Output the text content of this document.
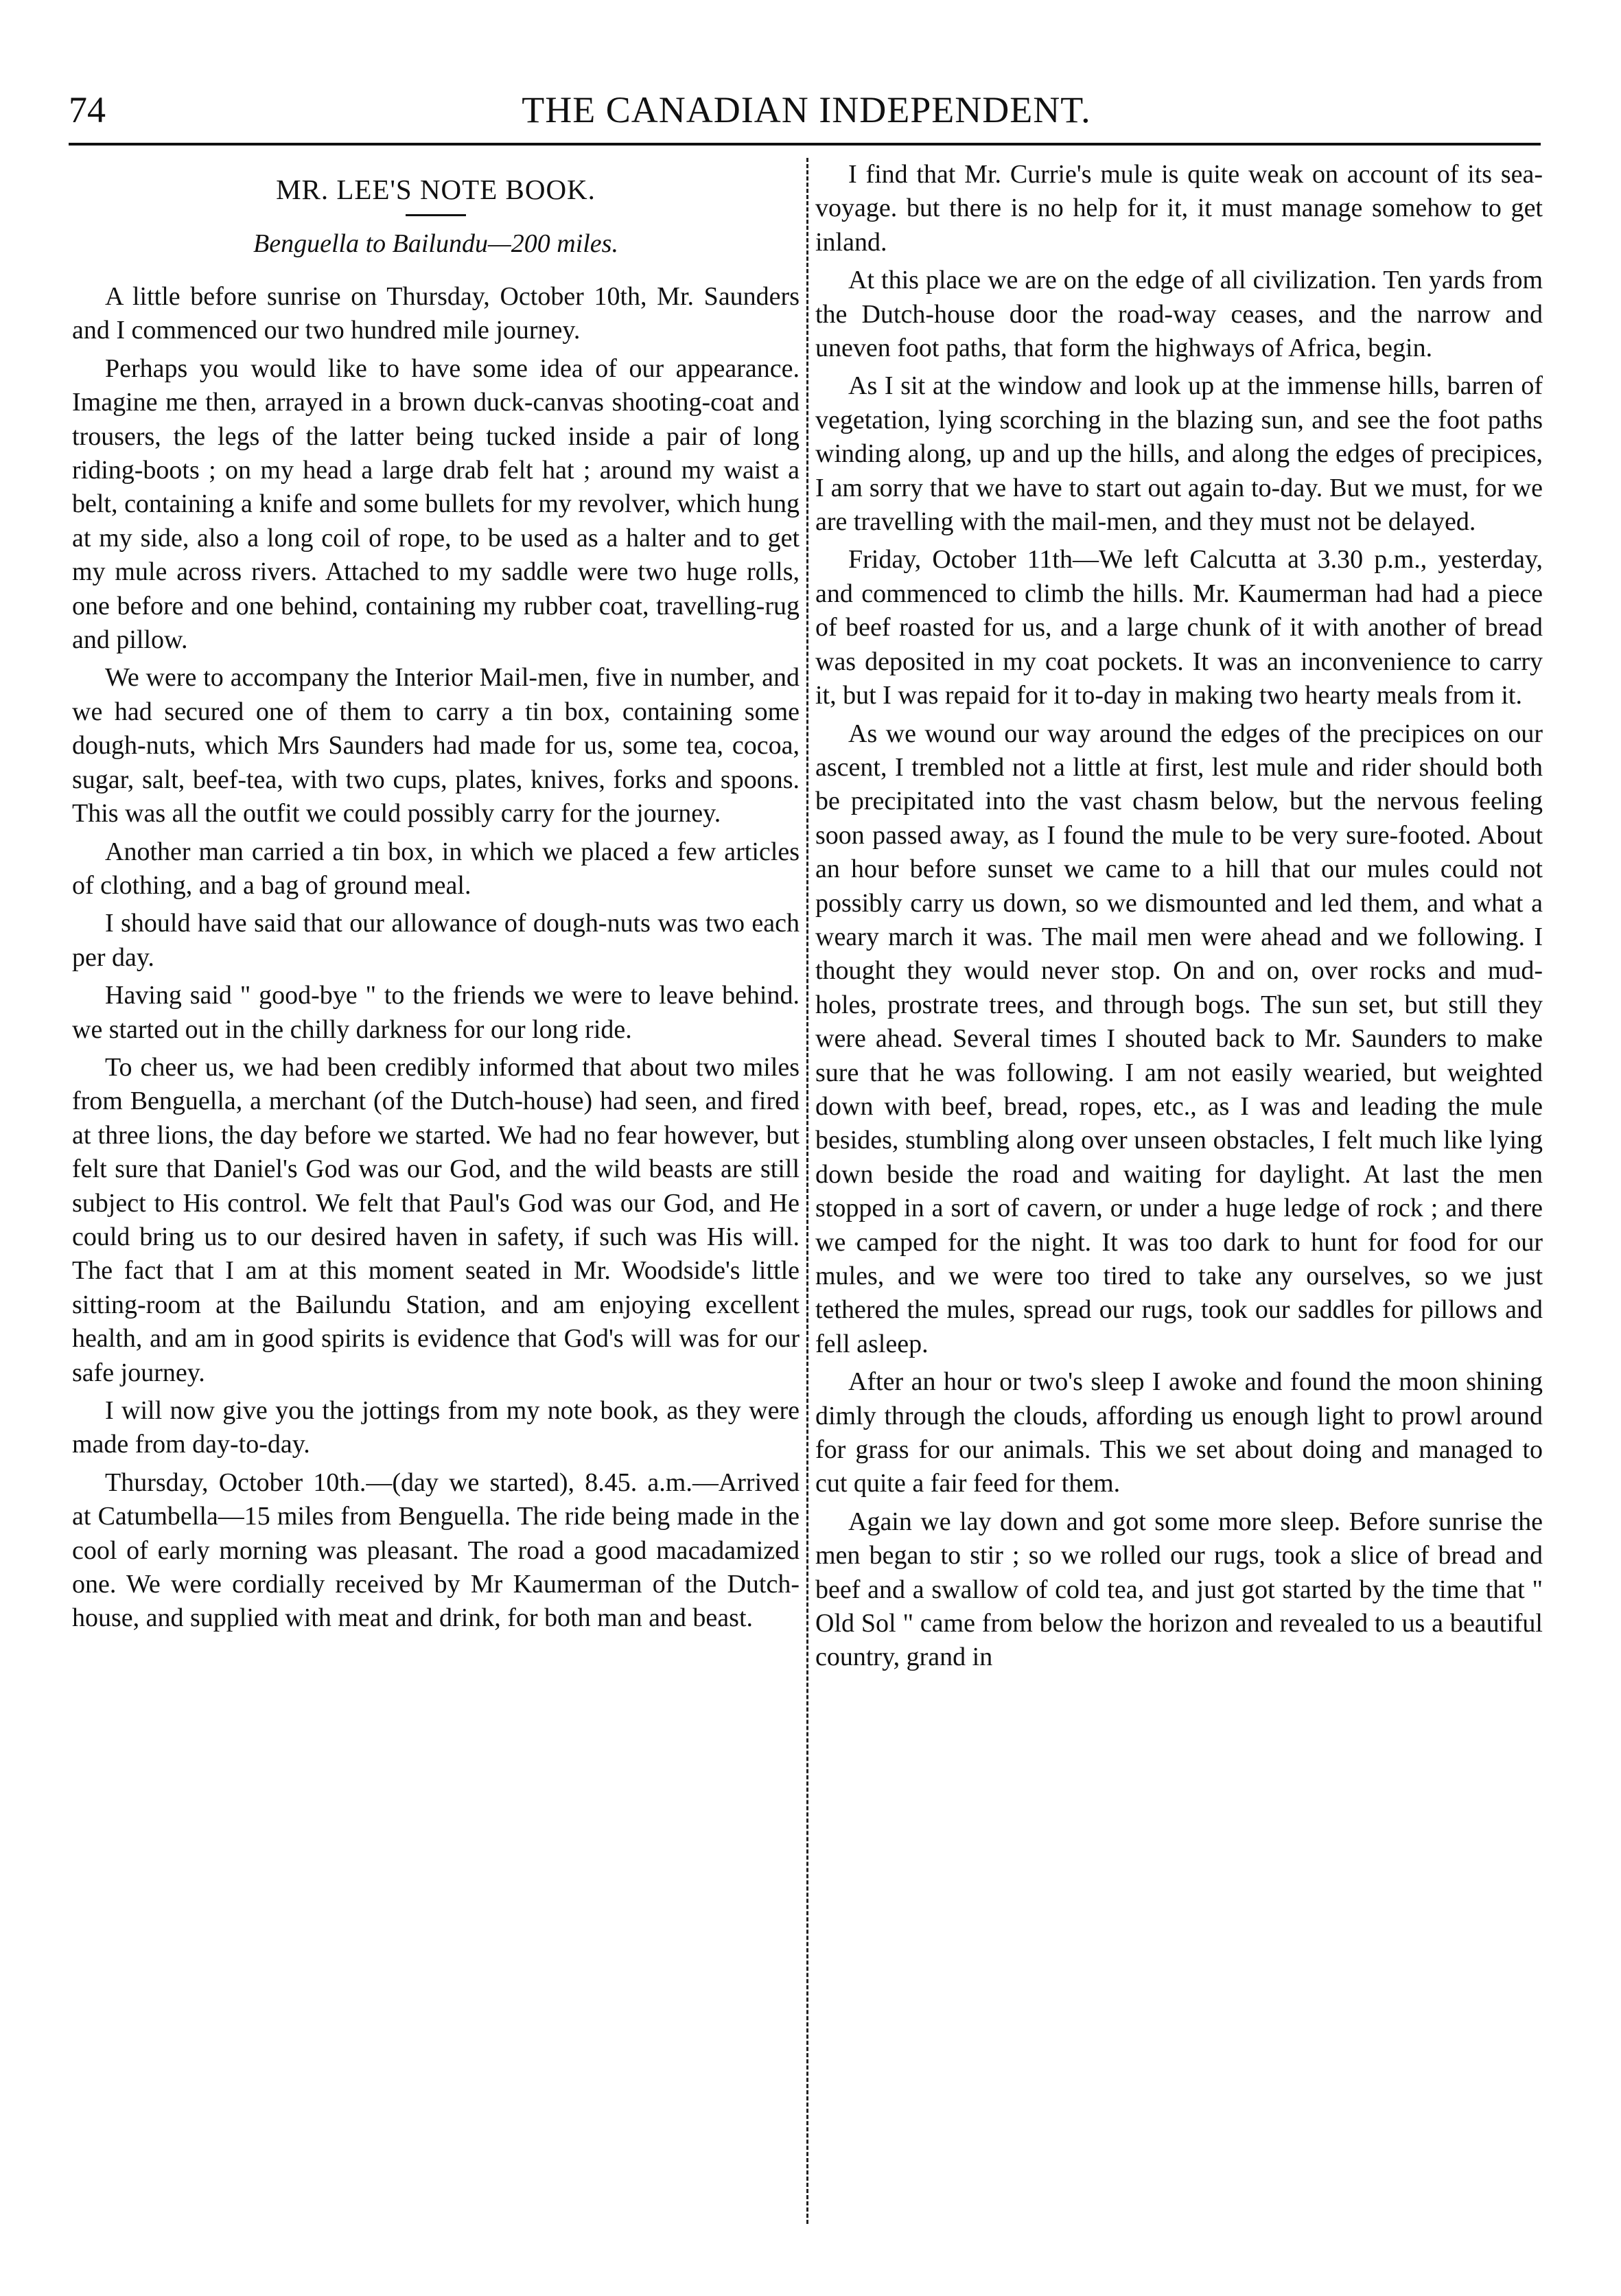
74	THE CANADIAN INDEPENDENT.
MR. LEE'S NOTE BOOK.
Benguella to Bailundu—200 miles.

A little before sunrise on Thursday, October 10th, Mr. Saunders and I commenced our two hundred mile journey.

Perhaps you would like to have some idea of our appearance. Imagine me then, arrayed in a brown duck-canvas shooting-coat and trousers, the legs of the latter being tucked inside a pair of long riding-boots ; on my head a large drab felt hat ; around my waist a belt, containing a knife and some bullets for my revolver, which hung at my side, also a long coil of rope, to be used as a halter and to get my mule across rivers. Attached to my saddle were two huge rolls, one before and one behind, containing my rubber coat, travelling-rug and pillow.

We were to accompany the Interior Mail-men, five in number, and we had secured one of them to carry a tin box, containing some dough-nuts, which Mrs Saunders had made for us, some tea, cocoa, sugar, salt, beef-tea, with two cups, plates, knives, forks and spoons. This was all the outfit we could possibly carry for the journey.

Another man carried a tin box, in which we placed a few articles of clothing, and a bag of ground meal.

I should have said that our allowance of dough-nuts was two each per day.

Having said " good-bye " to the friends we were to leave behind. we started out in the chilly darkness for our long ride.

To cheer us, we had been credibly informed that about two miles from Benguella, a merchant (of the Dutch-house) had seen, and fired at three lions, the day before we started. We had no fear however, but felt sure that Daniel's God was our God, and the wild beasts are still subject to His control. We felt that Paul's God was our God, and He could bring us to our desired haven in safety, if such was His will. The fact that I am at this moment seated in Mr. Woodside's little sitting-room at the Bailundu Station, and am enjoying excellent health, and am in good spirits is evidence that God's will was for our safe journey.

I will now give you the jottings from my note book, as they were made from day-to-day.

Thursday, October 10th.—(day we started), 8.45. a.m.—Arrived at Catumbella—15 miles from Benguella. The ride being made in the cool of early morning was pleasant. The road a good macadamized one. We were cordially received by Mr Kaumerman of the Dutch-house, and supplied with meat and drink, for both man and beast.

I find that Mr. Currie's mule is quite weak on account of its sea-voyage. but there is no help for it, it must manage somehow to get inland.

At this place we are on the edge of all civilization. Ten yards from the Dutch-house door the road-way ceases, and the narrow and uneven foot paths, that form the highways of Africa, begin.

As I sit at the window and look up at the immense hills, barren of vegetation, lying scorching in the blazing sun, and see the foot paths winding along, up and up the hills, and along the edges of precipices, I am sorry that we have to start out again to-day. But we must, for we are travelling with the mail-men, and they must not be delayed.

Friday, October 11th—We left Calcutta at 3.30 p.m., yesterday, and commenced to climb the hills. Mr. Kaumerman had had a piece of beef roasted for us, and a large chunk of it with another of bread was deposited in my coat pockets. It was an inconvenience to carry it, but I was repaid for it to-day in making two hearty meals from it.

As we wound our way around the edges of the precipices on our ascent, I trembled not a little at first, lest mule and rider should both be precipitated into the vast chasm below, but the nervous feeling soon passed away, as I found the mule to be very sure-footed. About an hour before sunset we came to a hill that our mules could not possibly carry us down, so we dismounted and led them, and what a weary march it was. The mail men were ahead and we following. I thought they would never stop. On and on, over rocks and mud-holes, prostrate trees, and through bogs. The sun set, but still they were ahead. Several times I shouted back to Mr. Saunders to make sure that he was following. I am not easily wearied, but weighted down with beef, bread, ropes, etc., as I was and leading the mule besides, stumbling along over unseen obstacles, I felt much like lying down beside the road and waiting for daylight. At last the men stopped in a sort of cavern, or under a huge ledge of rock ; and there we camped for the night. It was too dark to hunt for food for our mules, and we were too tired to take any ourselves, so we just tethered the mules, spread our rugs, took our saddles for pillows and fell asleep.

After an hour or two's sleep I awoke and found the moon shining dimly through the clouds, affording us enough light to prowl around for grass for our animals. This we set about doing and managed to cut quite a fair feed for them.

Again we lay down and got some more sleep. Before sunrise the men began to stir ; so we rolled our rugs, took a slice of bread and beef and a swallow of cold tea, and just got started by the time that " Old Sol " came from below the horizon and revealed to us a beautiful country, grand in
